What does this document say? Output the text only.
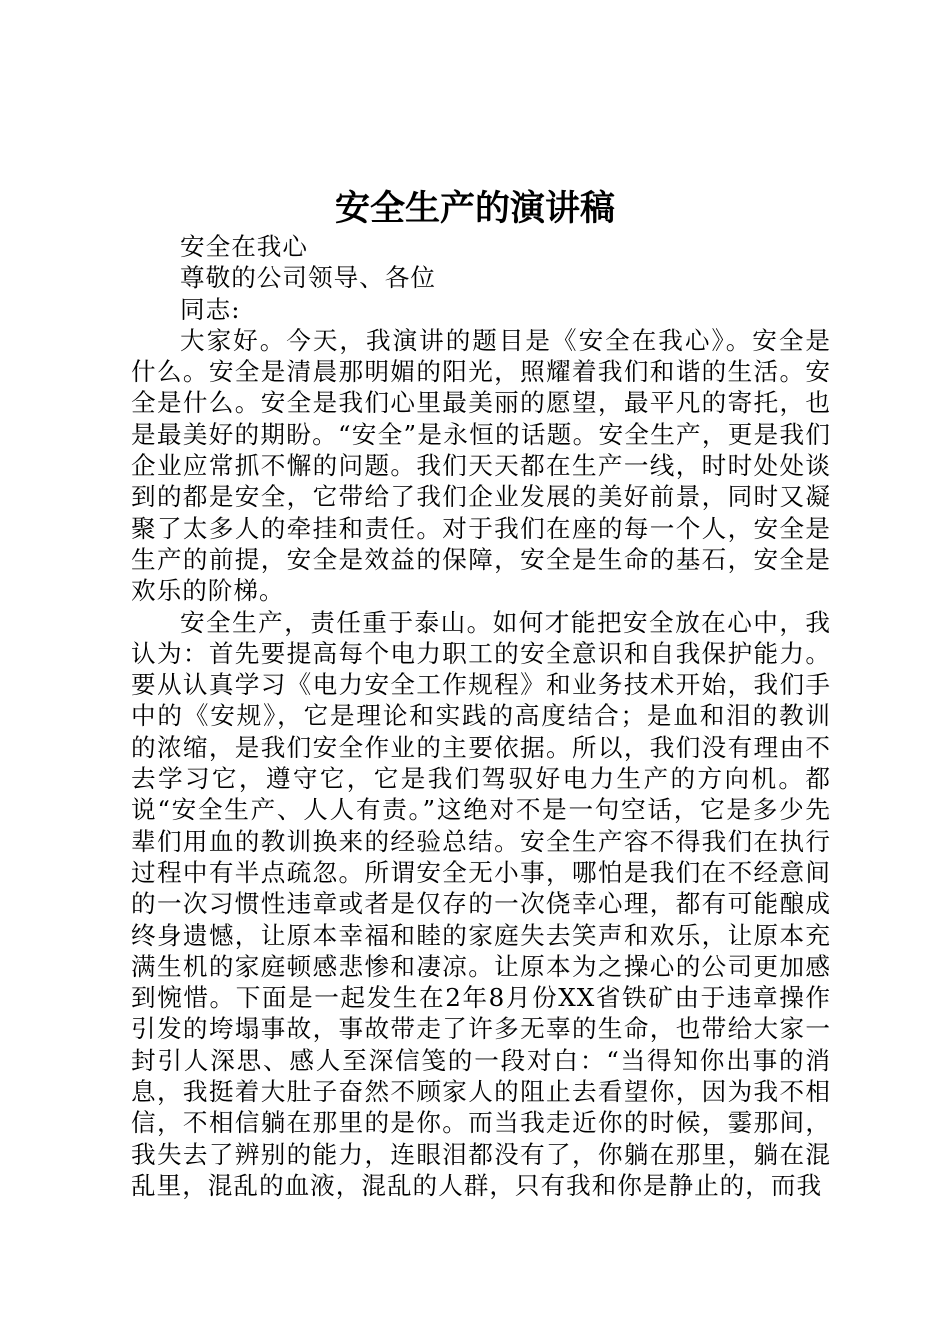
安全生产的演讲稿

安全在我心

尊敬的公司领导、各位

同志:

大家好。今天，我演讲的题目是《安全在我心》。安全是什么。安全是清晨那明媚的阳光，照耀着我们和谐的生活。安全是什么。安全是我们心里最美丽的愿望，最平凡的寄托，也是最美好的期盼。“安全”是永恒的话题。安全生产，更是我们企业应常抓不懈的问题。我们天天都在生产一线，时时处处谈到的都是安全，它带给了我们企业发展的美好前景，同时又凝聚了太多人的牵挂和责任。对于我们在座的每一个人，安全是生产的前提，安全是效益的保障，安全是生命的基石，安全是欢乐的阶梯。

安全生产，责任重于泰山。如何才能把安全放在心中，我认为：首先要提高每个电力职工的安全意识和自我保护能力。要从认真学习《电力安全工作规程》和业务技术开始，我们手中的《安规》，它是理论和实践的高度结合；是血和泪的教训的浓缩，是我们安全作业的主要依据。所以，我们没有理由不去学习它，遵守它，它是我们驾驭好电力生产的方向机。都说“安全生产、人人有责。”这绝对不是一句空话，它是多少先辈们用血的教训换来的经验总结。安全生产容不得我们在执行过程中有半点疏忽。所谓安全无小事，哪怕是我们在不经意间的一次习惯性违章或者是仅存的一次侥幸心理，都有可能酿成终身遗憾，让原本幸福和睦的家庭失去笑声和欢乐，让原本充满生机的家庭顿感悲惨和凄凉。让原本为之操心的公司更加感到惋惜。下面是一起发生在2年8月份XX省铁矿由于违章操作引发的垮塌事故，事故带走了许多无辜的生命，也带给大家一封引人深思、感人至深信笺的一段对白：“当得知你出事的消息，我挺着大肚子奋然不顾家人的阻止去看望你，因为我不相信，不相信躺在那里的是你。而当我走近你的时候，霎那间，我失去了辨别的能力，连眼泪都没有了，你躺在那里，躺在混乱里，混乱的血液，混乱的人群，只有我和你是静止的，而我
